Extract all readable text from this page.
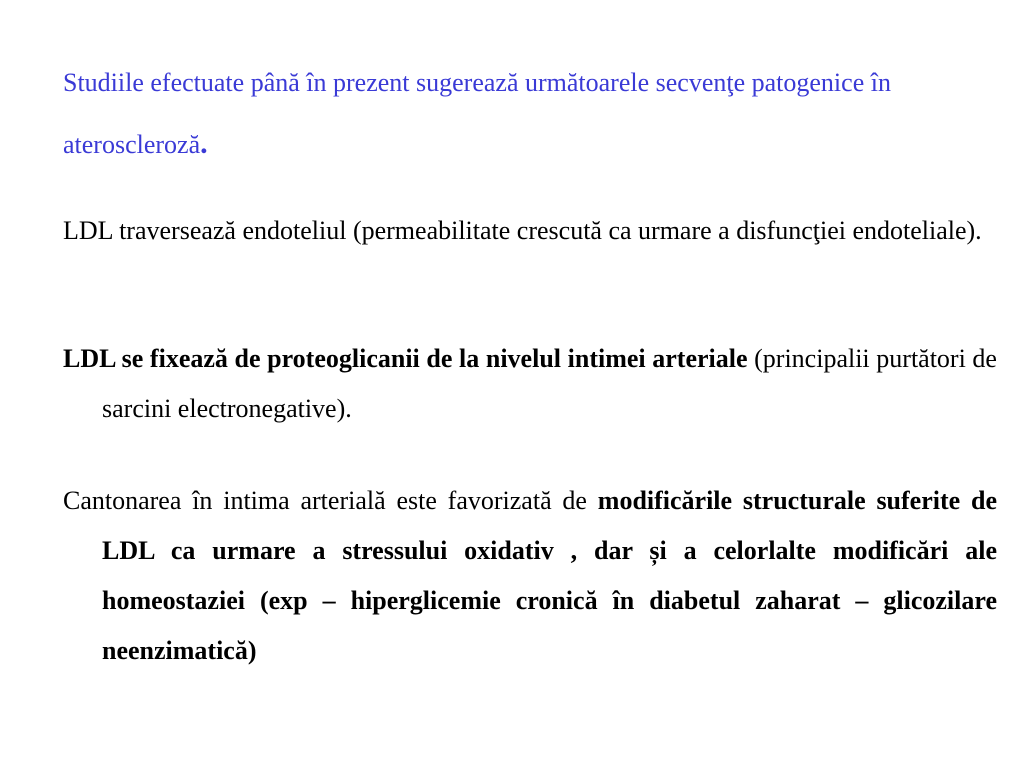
Studiile efectuate până în prezent sugerează următoarele secvenţe patogenice în ateroscleroză.
LDL traversează endoteliul (permeabilitate crescută ca urmare a disfuncţiei endoteliale).
LDL se fixează de proteoglicanii de la nivelul intimei arteriale (principalii purtători de sarcini electronegative).
Cantonarea în intima arterială este favorizată de modificările structurale suferite de LDL ca urmare a stressului oxidativ , dar și a celorlalte modificări ale homeostaziei (exp – hiperglicemie cronică în diabetul zaharat – glicozilare neenzimatică)
